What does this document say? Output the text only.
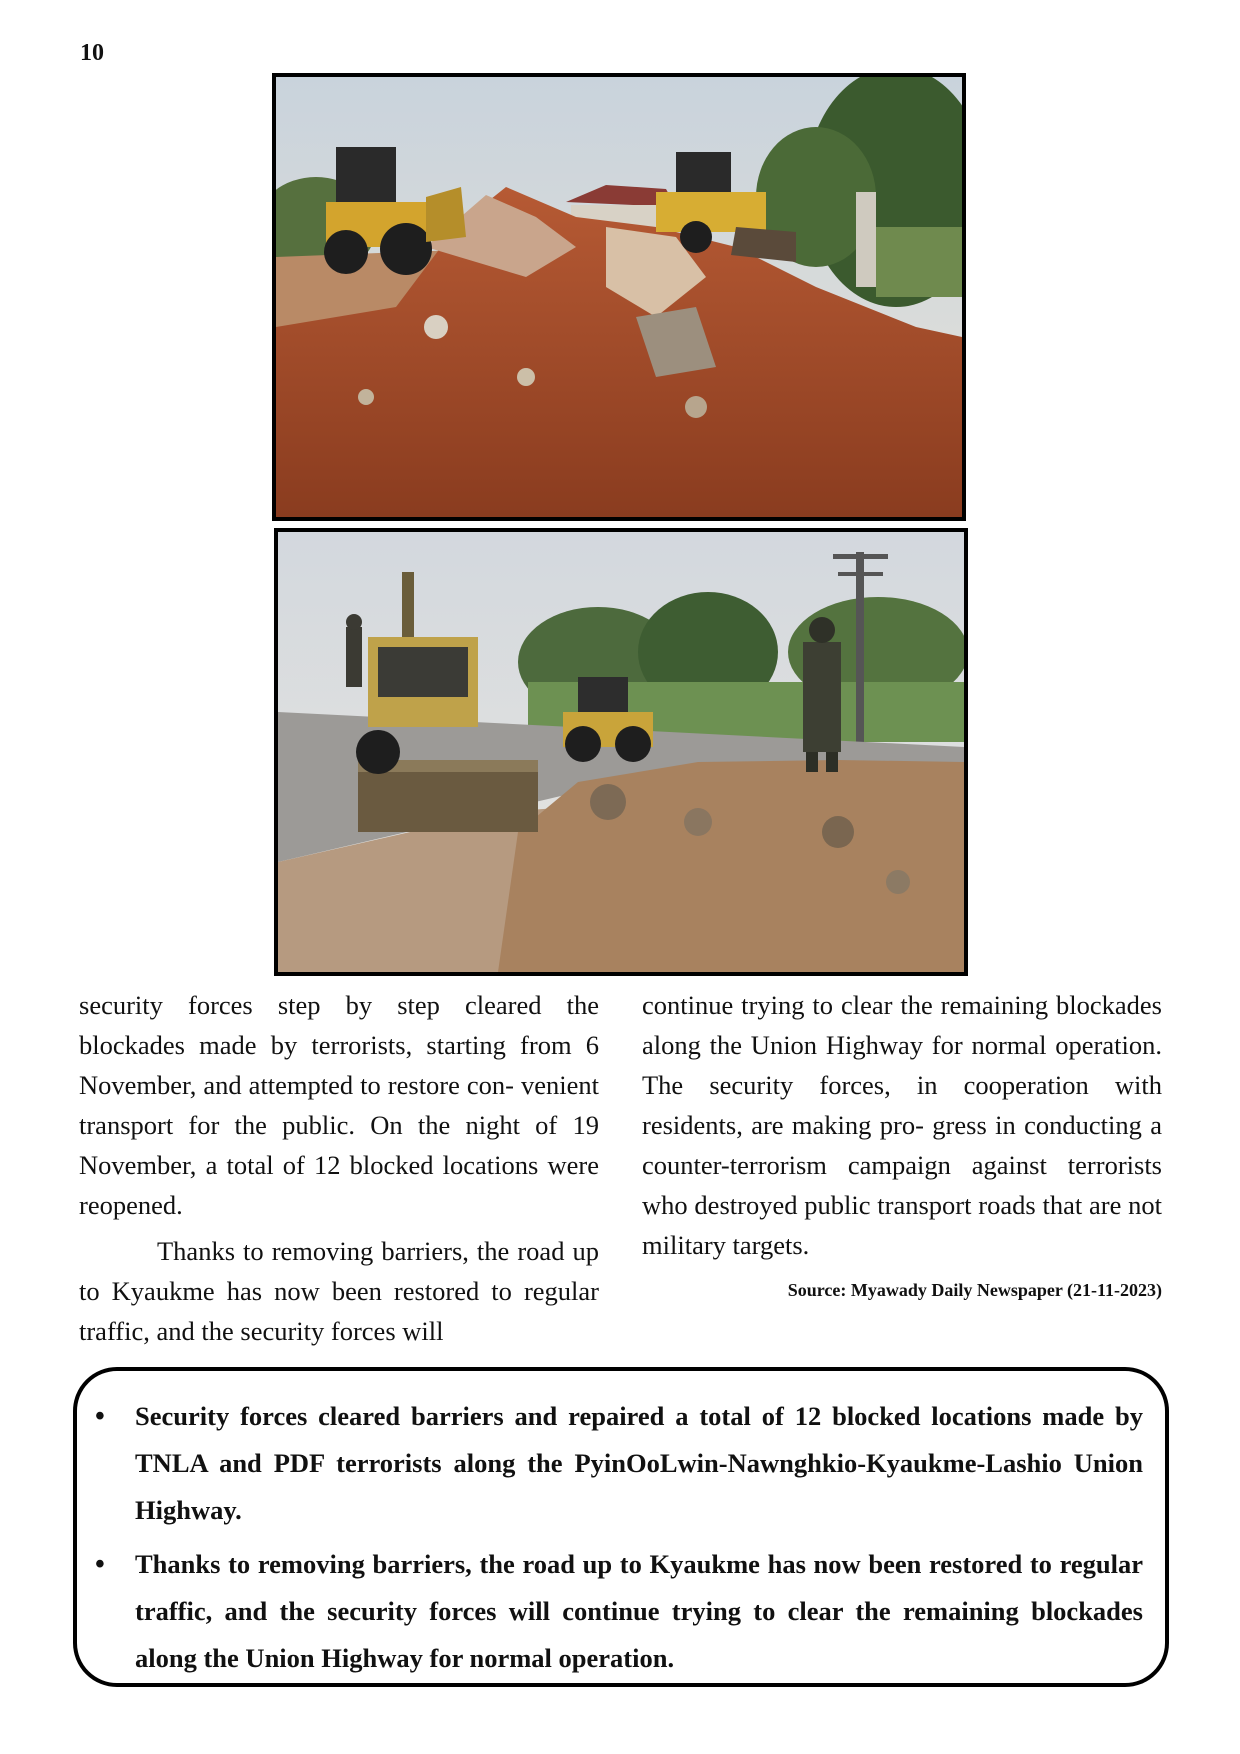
10

security forces step by step cleared the blockades made by terrorists, starting from 6 November, and attempted to restore con- venient transport for the public. On the night of 19 November, a total of 12 blocked locations were reopened.

Thanks to removing barriers, the road up to Kyaukme has now been restored to regular traffic, and the security forces will

continue trying to clear the remaining blockades along the Union Highway for normal operation. The security forces, in cooperation with residents, are making pro- gress in conducting a counter-terrorism campaign against terrorists who destroyed public transport roads that are not military targets.

Source: Myawady Daily Newspaper (21-11-2023)

• Security forces cleared barriers and repaired a total of 12 blocked locations made by TNLA and PDF terrorists along the PyinOoLwin-Nawnghkio-Kyaukme-Lashio Union Highway.
• Thanks to removing barriers, the road up to Kyaukme has now been restored to regular traffic, and the security forces will continue trying to clear the remaining blockades along the Union Highway for normal operation.
